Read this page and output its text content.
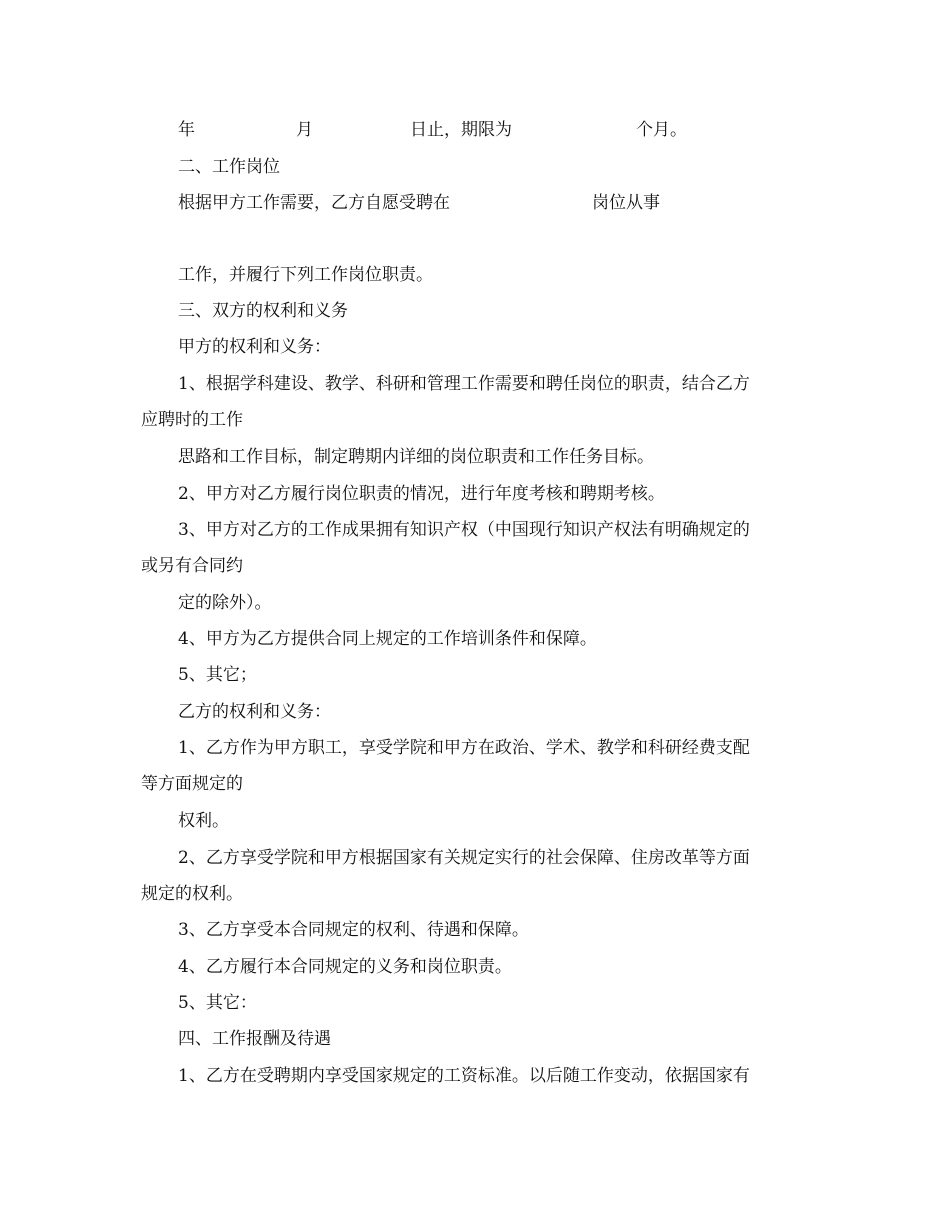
年	月	日止，期限为	个月。
二、工作岗位
根据甲方工作需要，乙方自愿受聘在	岗位从事
工作，并履行下列工作岗位职责。
三、双方的权利和义务
甲方的权利和义务：
1、根据学科建设、教学、科研和管理工作需要和聘任岗位的职责，结合乙方
应聘时的工作
思路和工作目标，制定聘期内详细的岗位职责和工作任务目标。
2、甲方对乙方履行岗位职责的情况，进行年度考核和聘期考核。
3、甲方对乙方的工作成果拥有知识产权（中国现行知识产权法有明确规定的
或另有合同约
定的除外）。
4、甲方为乙方提供合同上规定的工作培训条件和保障。
5、其它；
乙方的权利和义务：
1、乙方作为甲方职工，享受学院和甲方在政治、学术、教学和科研经费支配
等方面规定的
权利。
2、乙方享受学院和甲方根据国家有关规定实行的社会保障、住房改革等方面
规定的权利。
3、乙方享受本合同规定的权利、待遇和保障。
4、乙方履行本合同规定的义务和岗位职责。
5、其它：
四、工作报酬及待遇
1、乙方在受聘期内享受国家规定的工资标准。以后随工作变动，依据国家有
